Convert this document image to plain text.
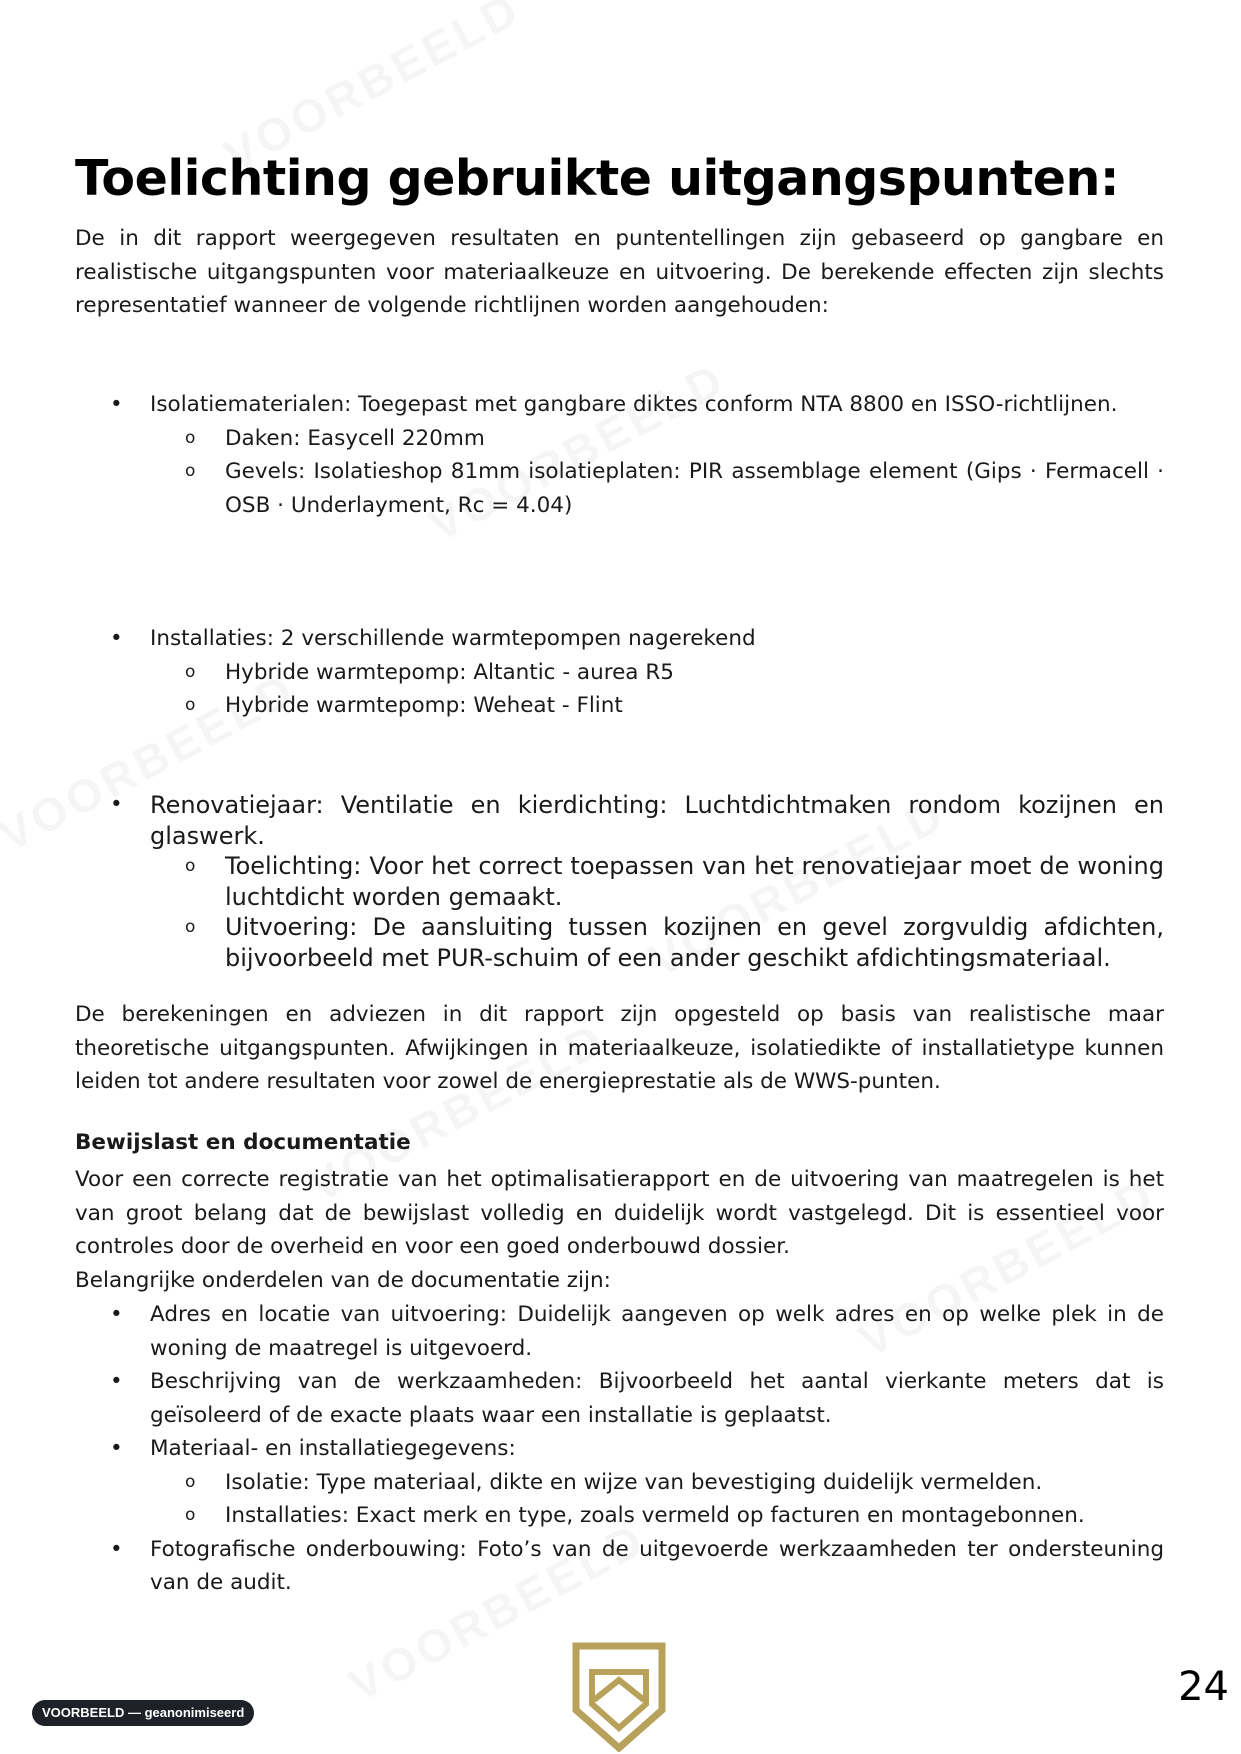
Toelichting gebruikte uitgangspunten:

De in dit rapport weergegeven resultaten en puntentellingen zijn gebaseerd op gangbare en realistische uitgangspunten voor materiaalkeuze en uitvoering. De berekende effecten zijn slechts representatief wanneer de volgende richtlijnen worden aangehouden:

• Isolatiematerialen: Toegepast met gangbare diktes conform NTA 8800 en ISSO-richtlijnen.
o Daken: Easycell 220mm
o Gevels: Isolatieshop 81mm isolatieplaten: PIR assemblage element (Gips · Fermacell · OSB · Underlayment, Rc = 4.04)
• Installaties: 2 verschillende warmtepompen nagerekend
o Hybride warmtepomp: Altantic - aurea R5
o Hybride warmtepomp: Weheat - Flint
• Renovatiejaar: Ventilatie en kierdichting: Luchtdichtmaken rondom kozijnen en glaswerk.
o Toelichting: Voor het correct toepassen van het renovatiejaar moet de woning luchtdicht worden gemaakt.
o Uitvoering: De aansluiting tussen kozijnen en gevel zorgvuldig afdichten, bijvoorbeeld met PUR-schuim of een ander geschikt afdichtingsmateriaal.

De berekeningen en adviezen in dit rapport zijn opgesteld op basis van realistische maar theoretische uitgangspunten. Afwijkingen in materiaalkeuze, isolatiedikte of installatietype kunnen leiden tot andere resultaten voor zowel de energieprestatie als de WWS-punten.

Bewijslast en documentatie

Voor een correcte registratie van het optimalisatierapport en de uitvoering van maatregelen is het van groot belang dat de bewijslast volledig en duidelijk wordt vastgelegd. Dit is essentieel voor controles door de overheid en voor een goed onderbouwd dossier.

Belangrijke onderdelen van de documentatie zijn:

• Adres en locatie van uitvoering: Duidelijk aangeven op welk adres en op welke plek in de woning de maatregel is uitgevoerd.
• Beschrijving van de werkzaamheden: Bijvoorbeeld het aantal vierkante meters dat is geïsoleerd of de exacte plaats waar een installatie is geplaatst.
• Materiaal- en installatiegegevens:
o Isolatie: Type materiaal, dikte en wijze van bevestiging duidelijk vermelden.
o Installaties: Exact merk en type, zoals vermeld op facturen en montagebonnen.
• Fotografische onderbouwing: Foto’s van de uitgevoerde werkzaamheden ter ondersteuning van de audit.
VOORBEELD — geanonimiseerd
24
